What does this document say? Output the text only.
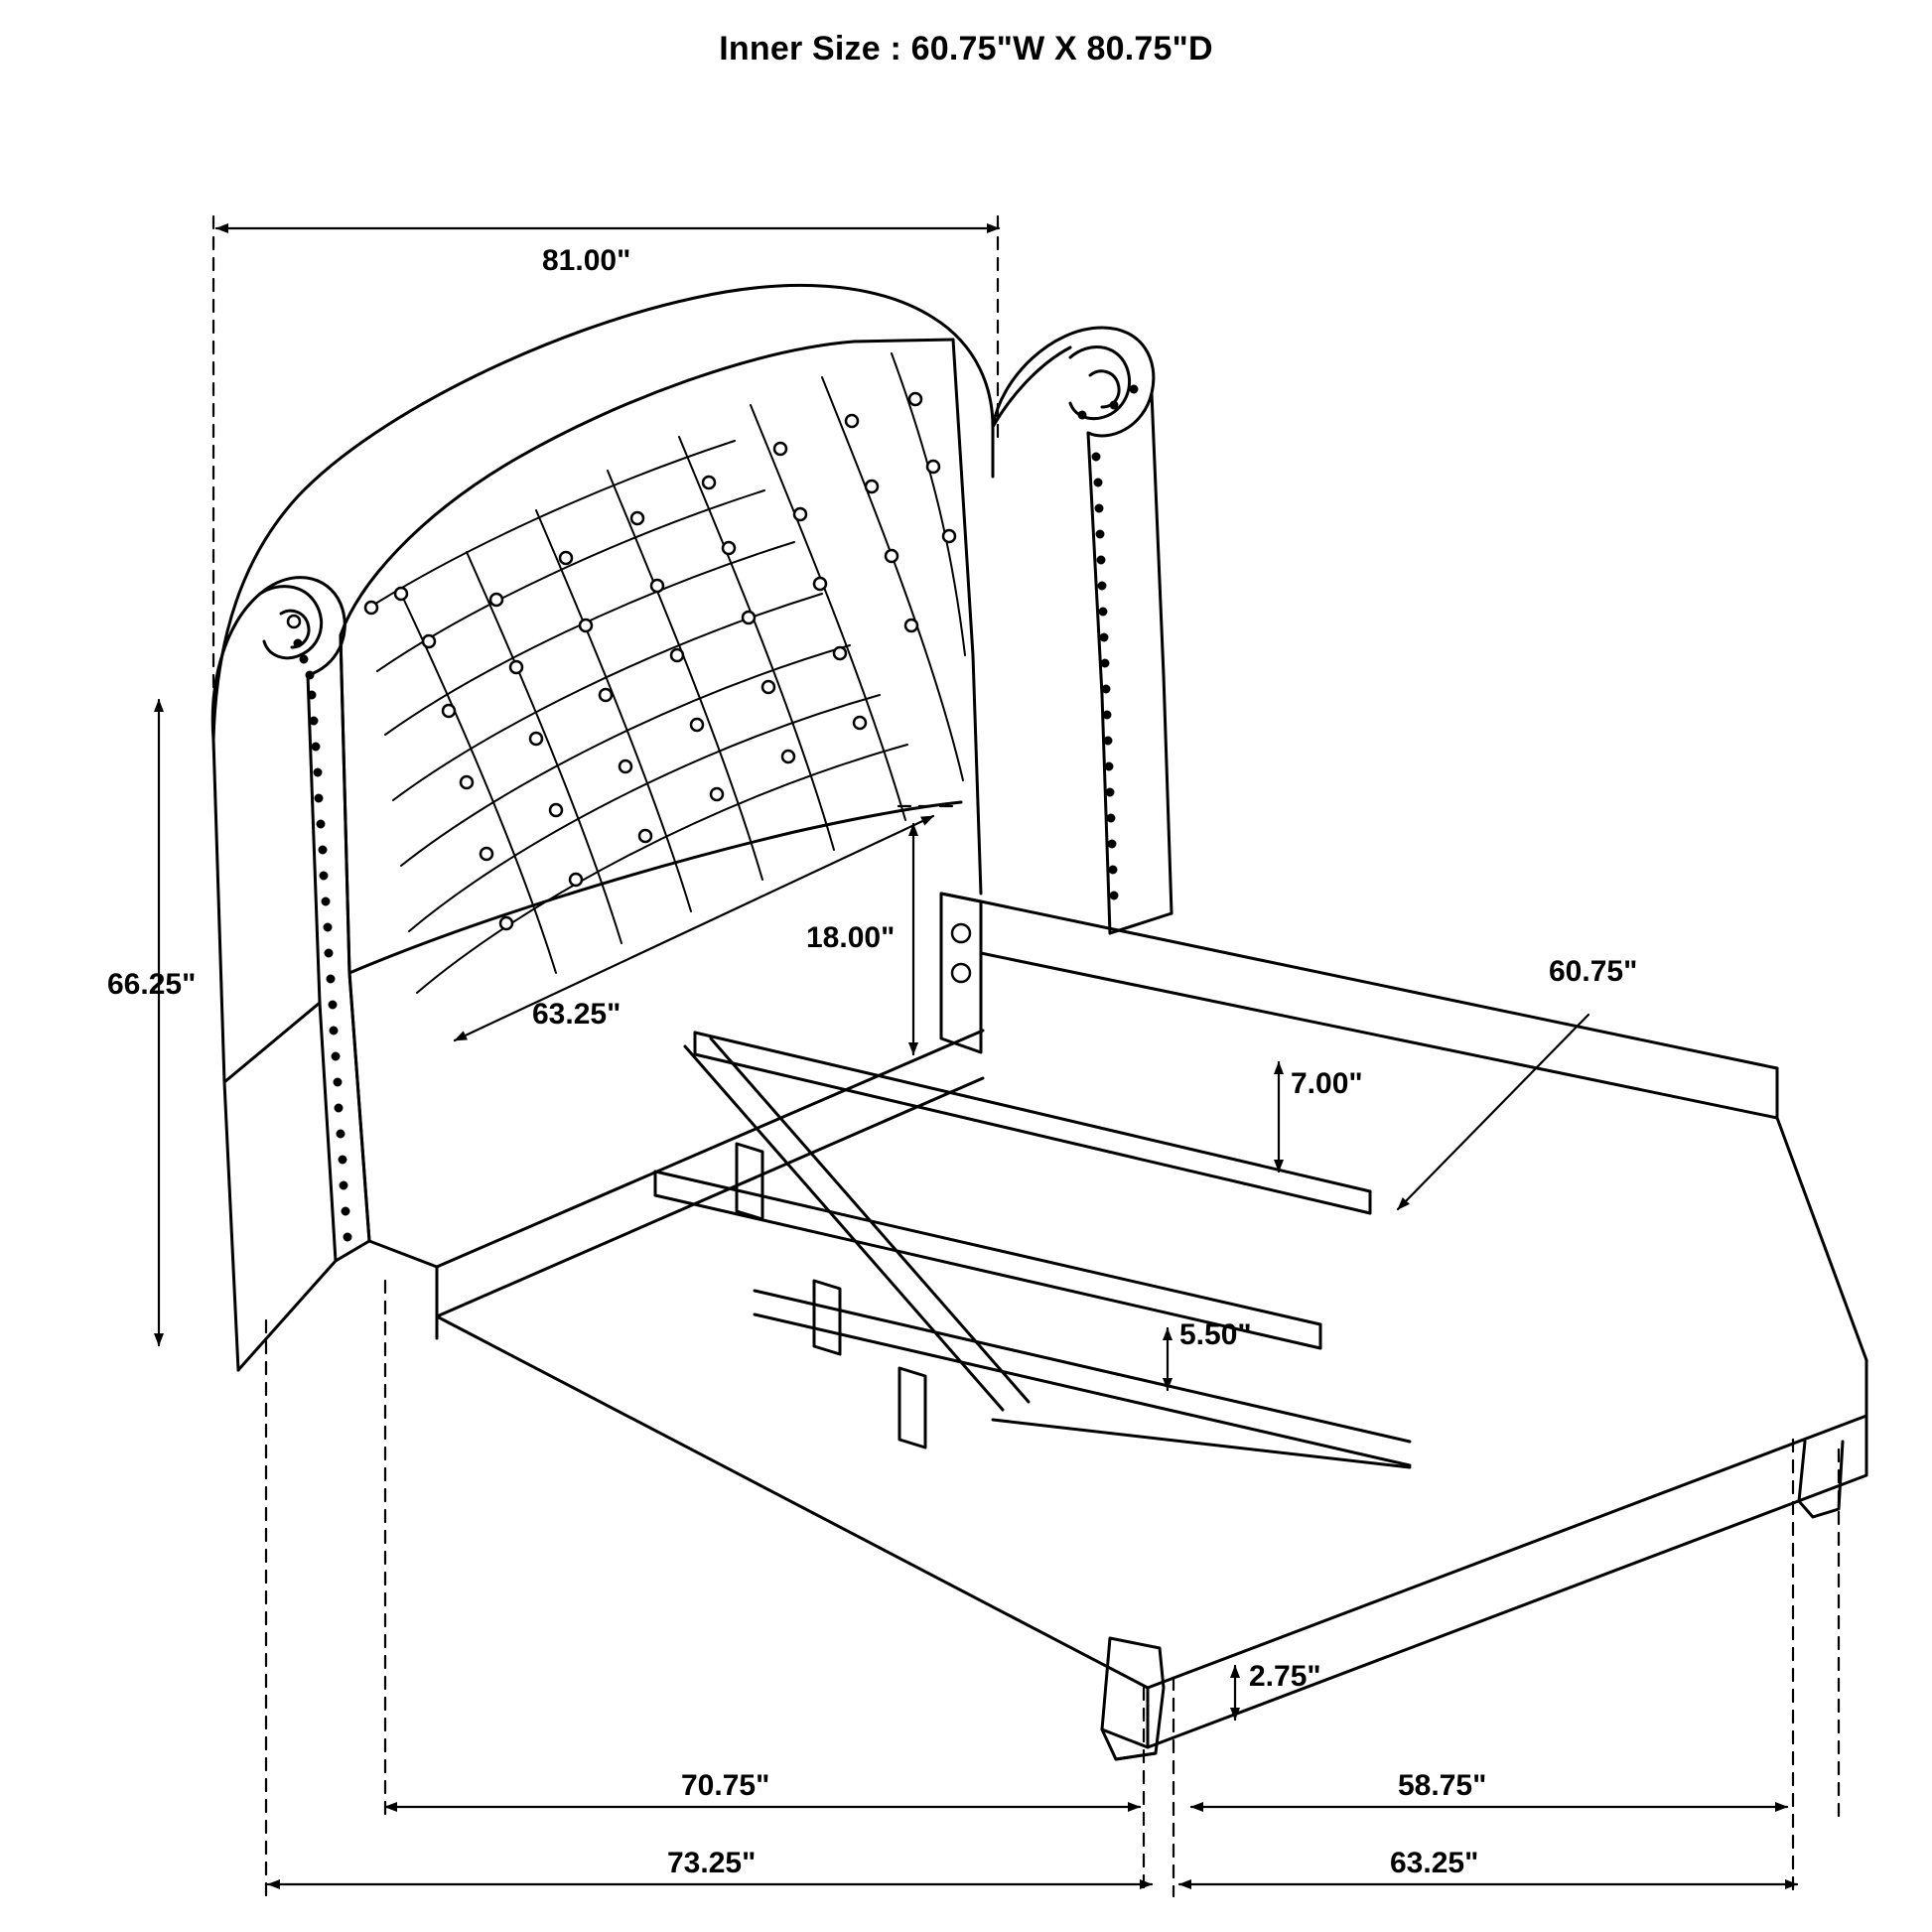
Inner Size : 60.75"W X 80.75"D
81.00"
66.25"
63.25"
18.00"
7.00"
60.75"
5.50"
2.75"
70.75"	58.75"
73.25"	63.25"
